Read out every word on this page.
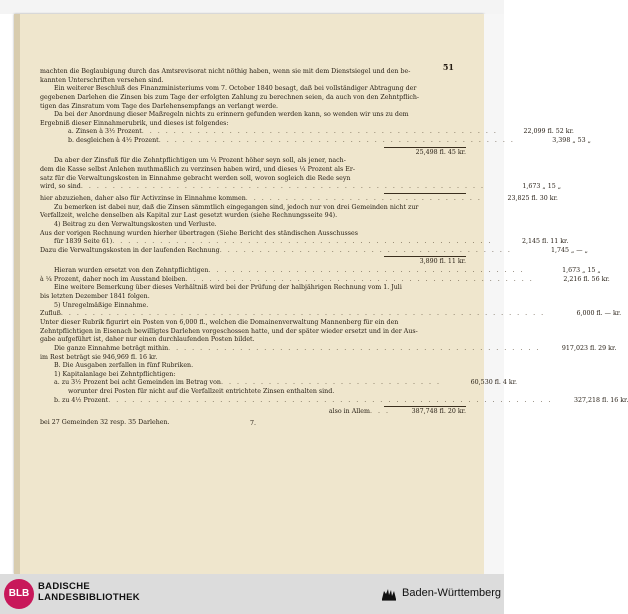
51
machten die Beglaubigung durch das Amtsrevisorat nicht nöthig haben, wenn sie mit dem Dienstsiegel und den be-
kannten Unterschriften versehen sind.
Ein weiterer Beschluß des Finanzministeriums vom 7. October 1840 besagt, daß bei vollständiger Abtragung der
gegebenen Darlehen die Zinsen bis zum Tage der erfolgten Zahlung zu berechnen seien, da auch von den Zehntpflich-
tigen das Zinsratum vom Tage des Darlehensempfangs an verlangt werde.
Da bei der Anordnung dieser Maßregeln nichts zu erinnern gefunden werden kann, so wenden wir uns zu dem
Ergebniß dieser Einnahmerubrik, und dieses ist folgendes:
a. Zinsen à 3½ Prozent . . . . . . . . . . . . . . . . . . . . . . . . . . . . . . . . . . . . . . . . . . . . .	22,099 fl. 52 kr.
b. desgleichen à 4½ Prozent . . . . . . . . . . . . . . . . . . . . . . . . . . . . . . . . . . . . . . . . . . . . .	3,398 „ 53 „
25,498 fl. 45 kr.
Da aber der Zinsfuß für die Zehntpflichtigen um ¼ Prozent höher seyn soll, als jener, nach-
dem die Kasse selbst Anlehen muthmaßlich zu verzinsen haben wird, und dieses ¼ Prozent als Er-
satz für die Verwaltungskosten in Einnahme gebracht werden soll, wovon sogleich die Rede seyn
wird, so sind . . . . . . . . . . . . . . . . . . . . . . . . . . . . . . . . . . . . . . . . . . . . . . . . . . .	1,673 „ 15 „
hier abzuziehen, daher also für Activzinse in Einnahme kommen . . . . . . . . . . . . . . . . . . . . . . . . . . . . . .	23,825 fl. 30 kr.
Zu bemerken ist dabei nur, daß die Zinsen sämmtlich eingegangen sind, jedoch nur von drei Gemeinden nicht zur
Verfallzeit, welche denselben als Kapital zur Last gesetzt wurden (siehe Rechnungsseite 94).
4) Beitrag zu den Verwaltungskosten und Verluste.
Aus der vorigen Rechnung wurden hierher übertragen (Siehe Bericht des ständischen Ausschusses
für 1839 Seite 61) . . . . . . . . . . . . . . . . . . . . . . . . . . . . . . . . . . . . . . . . . . . . . . . .	2,145 fl. 11 kr.
Dazu die Verwaltungskosten in der laufenden Rechnung . . . . . . . . . . . . . . . . . . . . . . . . . . . . . . . . . . . . .	1,745 „ — „
3,890 fl. 11 kr.
Hieran wurden ersetzt von den Zehntpflichtigen . . . . . . . . . . . . . . . . . . . . . . . . . . . . . . . . . . . . . . . .	1,673 „ 15 „
à ¼ Prozent, daher noch im Ausstand bleiben . . . . . . . . . . . . . . . . . . . . . . . . . . . . . . . . . . . . . . . . . . . .	2,216 fl. 56 kr.
Eine weitere Bemerkung über dieses Verhältniß wird bei der Prüfung der halbjährigen Rechnung vom 1. Juli
bis letzten Dezember 1841 folgen.
5) Unregelmäßige Einnahme.
Zufluß . . . . . . . . . . . . . . . . . . . . . . . . . . . . . . . . . . . . . . . . . . . . . . . . . . . . . . . . . . . . .	6,000 fl. — kr.
Unter dieser Rubrik figurirt ein Posten von 6,000 fl., welchen die Domainenverwaltung Mannenberg für ein den
Zehntpflichtigen in Eisenach bewilligtes Darlehen vorgeschossen hatte, und der später wieder ersetzt und in der Aus-
gabe aufgeführt ist, daher nur einen durchlaufenden Posten bildet.
Die ganze Einnahme beträgt mithin . . . . . . . . . . . . . . . . . . . . . . . . . . . . . . . . . . . . . . . . . . . . . . .	917,023 fl. 29 kr.
im Rest beträgt sie 946,969 fl. 16 kr.
B. Die Ausgaben zerfallen in fünf Rubriken.
1) Kapitalanlage bei Zehntpflichtigen:
a. zu 3½ Prozent bei acht Gemeinden im Betrag von . . . . . . . . . . . . . . . . . . . . . . . . . . . .	60,530 fl. 4 kr.
worunter drei Posten für nicht auf die Verfallzeit entrichtete Zinsen enthalten sind.
b. zu 4½ Prozent . . . . . . . . . . . . . . . . . . . . . . . . . . . . . . . . . . . . . . . . . . . . . . . . . . . . . . . .	327,218 fl. 16 kr.
also in Allem . . .	387,748 fl. 20 kr.
bei 27 Gemeinden 32 resp. 35 Darlehen.	7.
BLB
BADISCHE
LANDESBIBLIOTHEK	Baden-Württemberg
